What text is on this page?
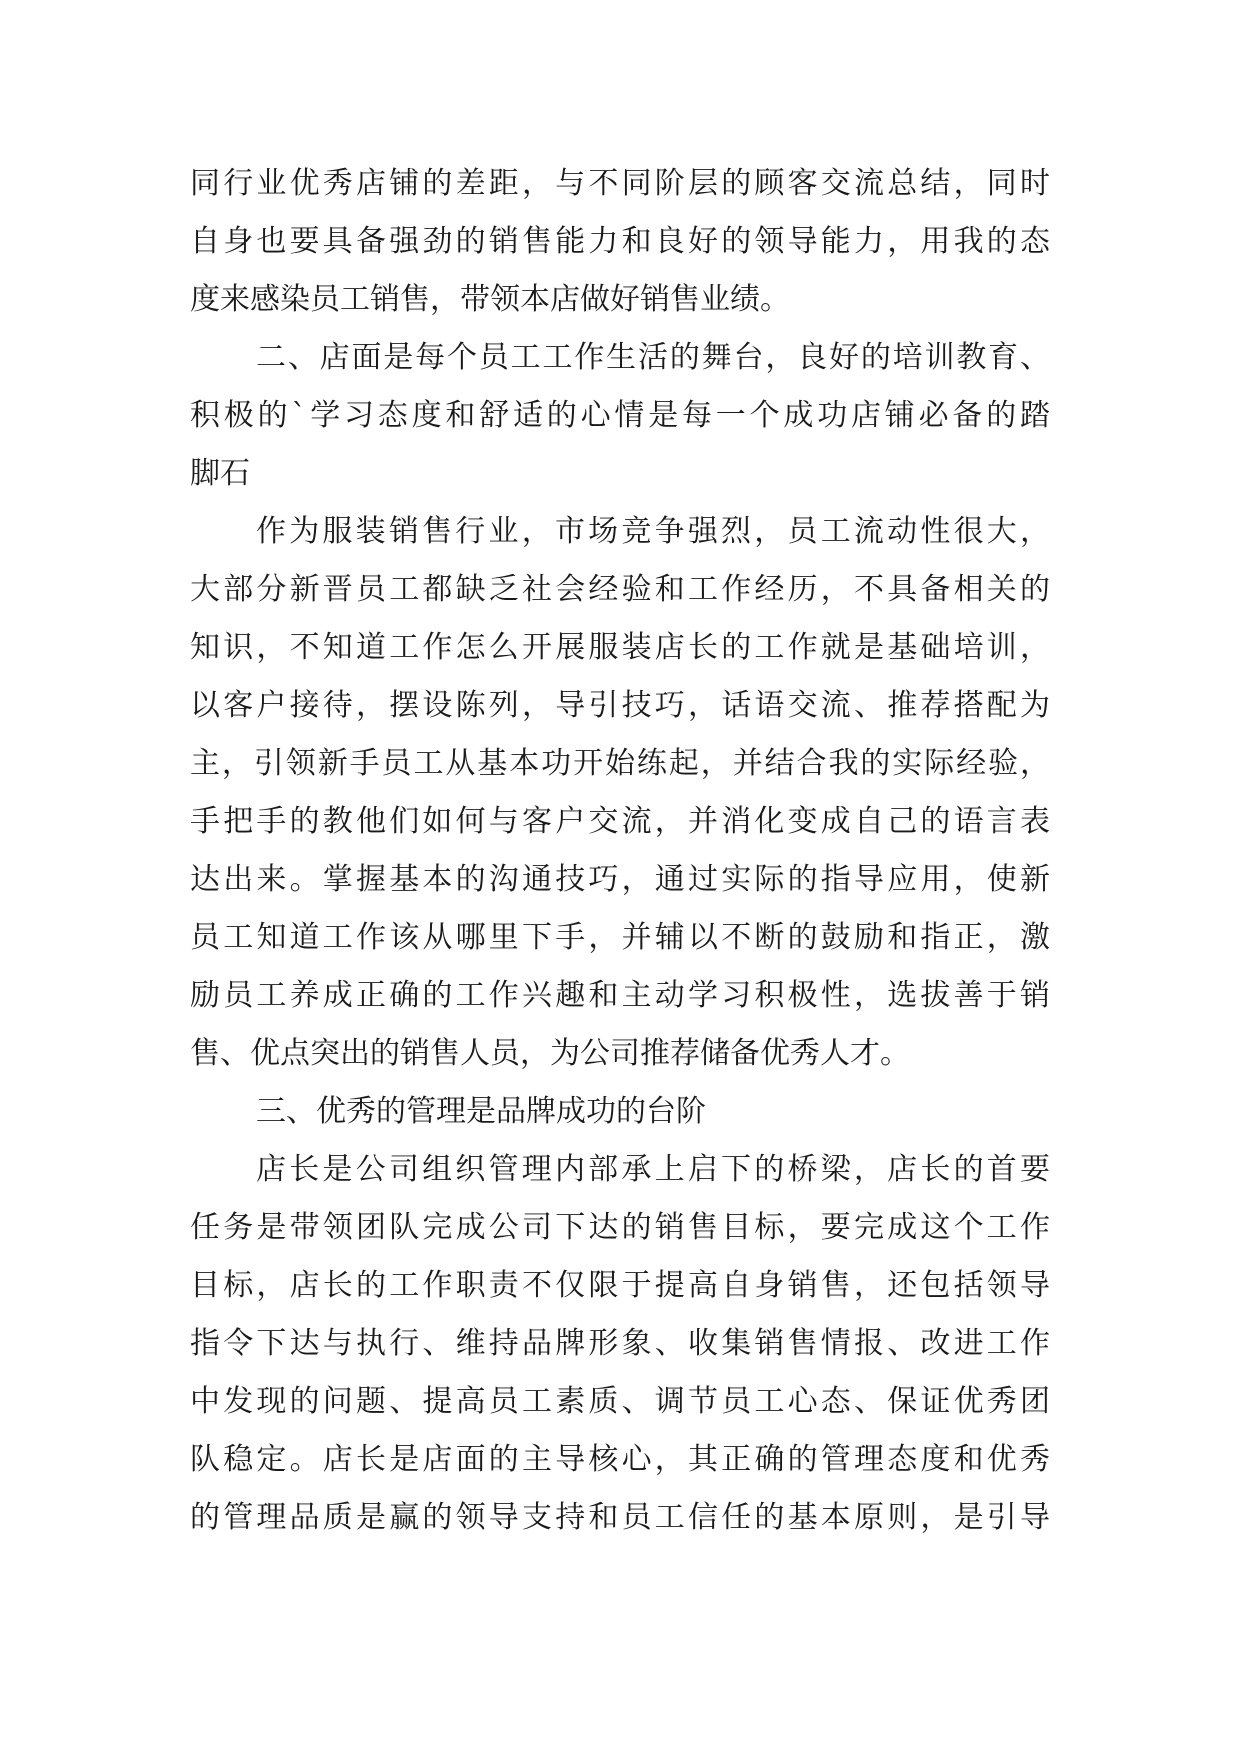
同行业优秀店铺的差距，与不同阶层的顾客交流总结，同时
自身也要具备强劲的销售能力和良好的领导能力，用我的态
度来感染员工销售，带领本店做好销售业绩。
二、店面是每个员工工作生活的舞台，良好的培训教育、
积极的`学习态度和舒适的心情是每一个成功店铺必备的踏
脚石
作为服装销售行业，市场竞争强烈，员工流动性很大，
大部分新晋员工都缺乏社会经验和工作经历，不具备相关的
知识，不知道工作怎么开展服装店长的工作就是基础培训，
以客户接待，摆设陈列，导引技巧，话语交流、推荐搭配为
主，引领新手员工从基本功开始练起，并结合我的实际经验，
手把手的教他们如何与客户交流，并消化变成自己的语言表
达出来。掌握基本的沟通技巧，通过实际的指导应用，使新
员工知道工作该从哪里下手，并辅以不断的鼓励和指正，激
励员工养成正确的工作兴趣和主动学习积极性，选拔善于销
售、优点突出的销售人员，为公司推荐储备优秀人才。
三、优秀的管理是品牌成功的台阶
店长是公司组织管理内部承上启下的桥梁，店长的首要
任务是带领团队完成公司下达的销售目标，要完成这个工作
目标，店长的工作职责不仅限于提高自身销售，还包括领导
指令下达与执行、维持品牌形象、收集销售情报、改进工作
中发现的问题、提高员工素质、调节员工心态、保证优秀团
队稳定。店长是店面的主导核心，其正确的管理态度和优秀
的管理品质是赢的领导支持和员工信任的基本原则，是引导
